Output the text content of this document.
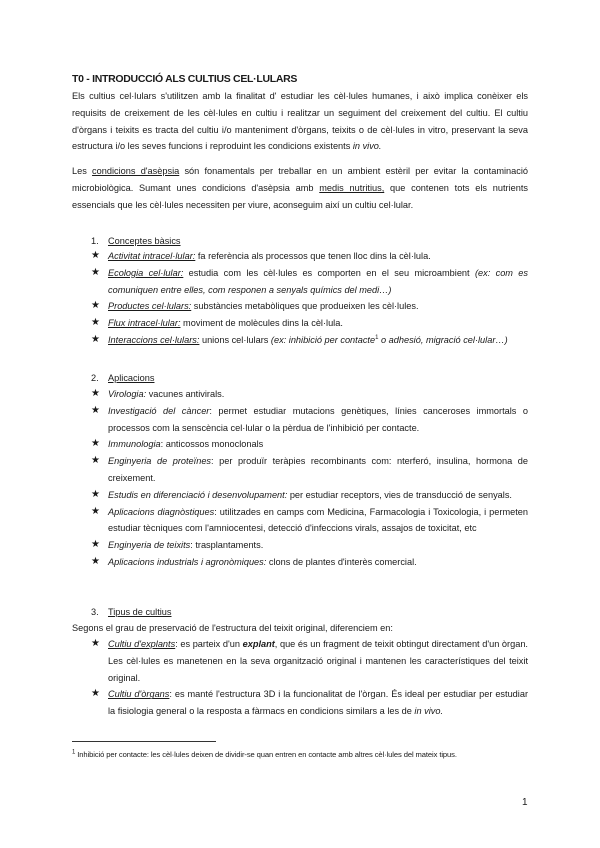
T0 - INTRODUCCIÓ ALS CULTIUS CEL·LULARS

Els cultius cel·lulars s'utilitzen amb la finalitat d' estudiar les cèl·lules humanes, i això implica conèixer els requisits de creixement de les cèl·lules en cultiu i realitzar un seguiment del creixement del cultiu. El cultiu d'òrgans i teixits es tracta del cultiu i/o manteniment d'òrgans, teixits o de cèl·lules in vitro, preservant la seva estructura i/o les seves funcions i reproduint les condicions existents in vivo.

Les condicions d'asèpsia són fonamentals per treballar en un ambient estèril per evitar la contaminació microbiològica. Sumant unes condicions d'asèpsia amb medis nutritius, que contenen tots els nutrients essencials que les cèl·lules necessiten per viure, aconseguim així un cultiu cel·lular.

1. Conceptes bàsics
★ Activitat intracel·lular: fa referència als processos que tenen lloc dins la cèl·lula.
★ Ecologia cel·lular: estudia com les cèl·lules es comporten en el seu microambient (ex: com es comuniquen entre elles, com responen a senyals químics del medi…)
★ Productes cel·lulars: substàncies metabòliques que produeixen les cèl·lules.
★ Flux intracel·lular: moviment de molècules dins la cèl·lula.
★ Interaccions cel·lulars: unions cel·lulars (ex: inhibició per contacte$^1$ o adhesió, migració cel·lular…)
2. Aplicacions
★ Virologia: vacunes antivirals.
★ Investigació del càncer: permet estudiar mutacions genètiques, línies canceroses immortals o processos com la senscència cel·lular o la pèrdua de l'inhibició per contacte.
★ Immunologia: anticossos monoclonals
★ Enginyeria de proteïnes: per produïr teràpies recombinants com: nterferó, insulina, hormona de creixement.
★ Estudis en diferenciació i desenvolupament: per estudiar receptors, vies de transducció de senyals.
★ Aplicacions diagnòstiques: utilitzades en camps com Medicina, Farmacologia i Toxicologia, i permeten estudiar tècniques com l'amniocentesi, detecció d'infeccions virals, assajos de toxicitat, etc
★ Enginyeria de teixits: trasplantaments.
★ Aplicacions industrials i agronòmiques: clons de plantes d'interès comercial.
3. Tipus de cultius
Segons el grau de preservació de l'estructura del teixit original, diferenciem en:
★ Cultiu d'explants: es parteix d'un explant, que és un fragment de teixit obtingut directament d'un òrgan. Les cèl·lules es manetenen en la seva organització original i mantenen les característiques del teixit original.
★ Cultiu d'òrgans: es manté l'estructura 3D i la funcionalitat de l'òrgan. És ideal per estudiar per estudiar la fisiologia general o la resposta a fàrmacs en condicions similars a les de in vivo.
$^1$ Inhibició per contacte: les cèl·lules deixen de dividir-se quan entren en contacte amb altres cèl·lules del mateix tipus.
1
